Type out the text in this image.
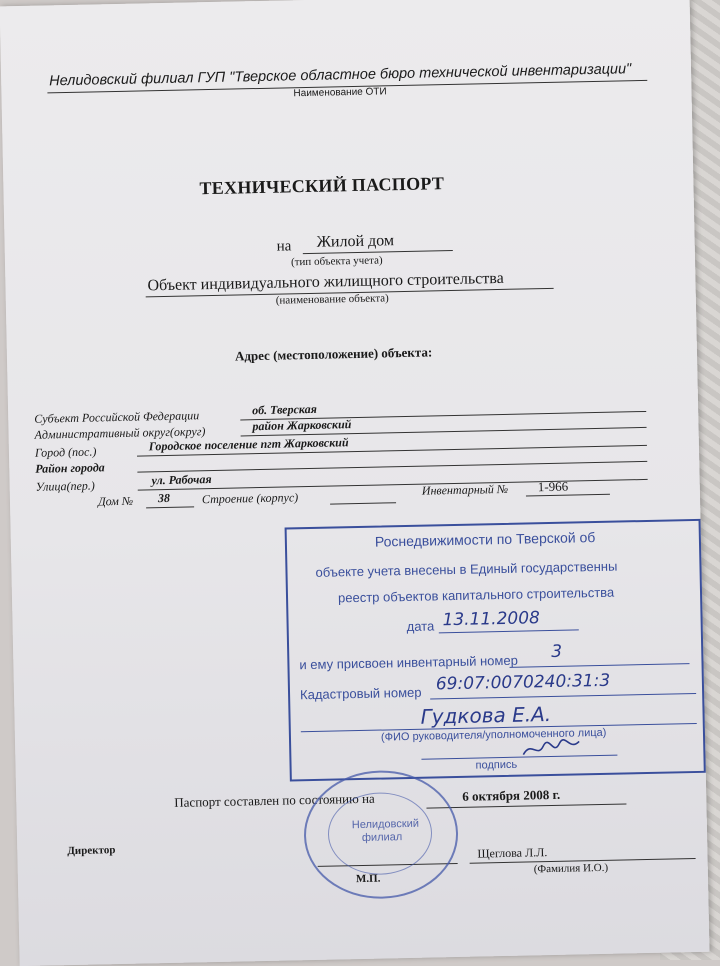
Нелидовский филиал ГУП "Тверское областное бюро технической инвентаризации"
Наименование ОТИ
ТЕХНИЧЕСКИЙ ПАСПОРТ
на Жилой дом
(тип объекта учета)
Объект индивидуального жилищного строительства
(наименование объекта)
Адрес (местоположение) объекта:
Субъект Российской Федерации	об. Тверская
Административный округ(округ)	район Жарковский
Город (пос.)	Городское поселение пгт Жарковский
Район города
Улица(пер.)	ул. Рабочая
Дом № 38	Строение (корпус)
Инвентарный № 1-966
Роснедвижимости по Тверской об
объекте учета внесены в Единый государственны
реестр объектов капитального строительства
дата 13.11.2008
и ему присвоен инвентарный номер
3
Кадастровый номер 69:07:0070240:31:3
Гудкова Е.А.
(ФИО руководителя/уполномоченного лица)
подпись
Паспорт составлен по состоянию на	6 октября 2008 г.
Директор	Щеглова Л.Л.
(Фамилия И.О.)
М.П.
Нелидовский филиал
